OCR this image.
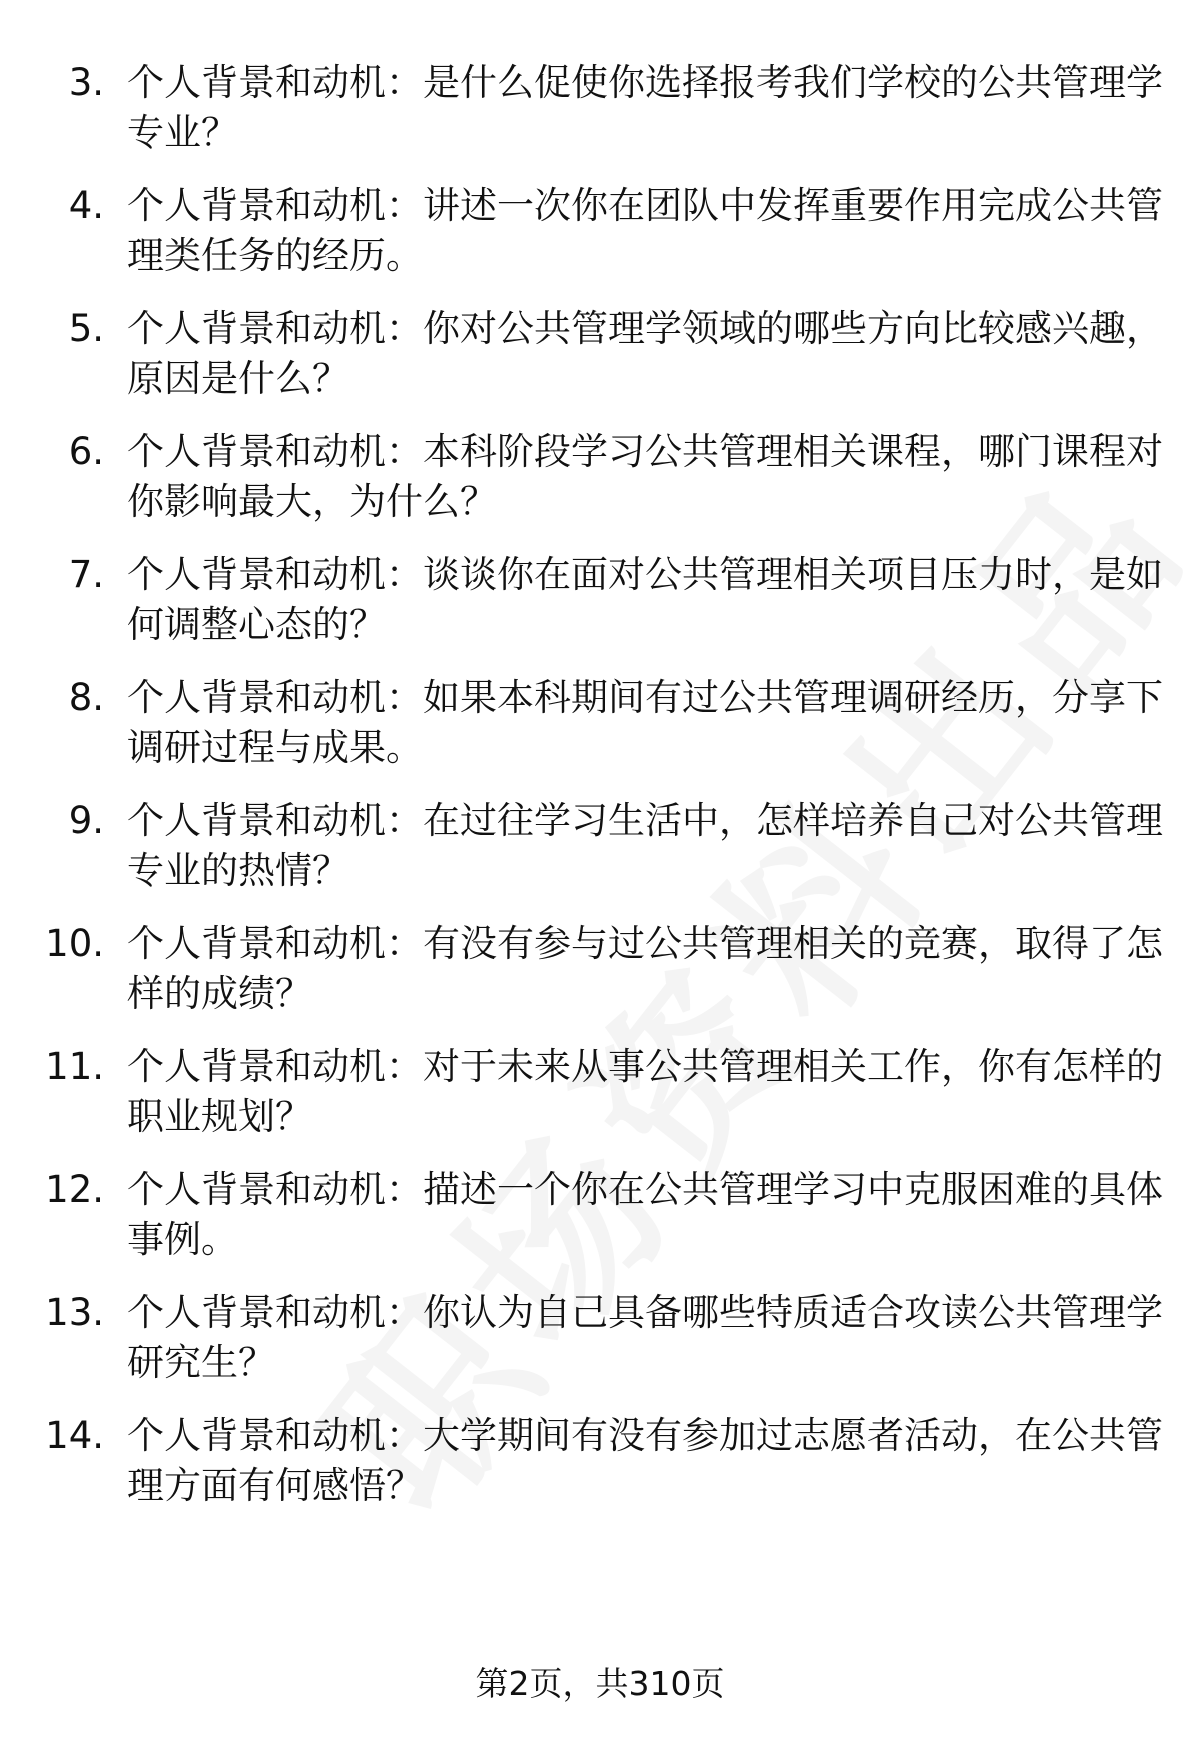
3. 个人背景和动机：是什么促使你选择报考我们学校的公共管理学
专业？
4. 个人背景和动机：讲述一次你在团队中发挥重要作用完成公共管
理类任务的经历。
5. 个人背景和动机：你对公共管理学领域的哪些方向比较感兴趣，
原因是什么？
6. 个人背景和动机：本科阶段学习公共管理相关课程，哪门课程对
你影响最大，为什么？
7. 个人背景和动机：谈谈你在面对公共管理相关项目压力时，是如
何调整心态的？
8. 个人背景和动机：如果本科期间有过公共管理调研经历，分享下
调研过程与成果。
9. 个人背景和动机：在过往学习生活中，怎样培养自己对公共管理
专业的热情？
10. 个人背景和动机：有没有参与过公共管理相关的竞赛，取得了怎
样的成绩？
11. 个人背景和动机：对于未来从事公共管理相关工作，你有怎样的
职业规划？
12. 个人背景和动机：描述一个你在公共管理学习中克服困难的具体
事例。
13. 个人背景和动机：你认为自己具备哪些特质适合攻读公共管理学
研究生？
14. 个人背景和动机：大学期间有没有参加过志愿者活动，在公共管
理方面有何感悟？
第2页，共310页
